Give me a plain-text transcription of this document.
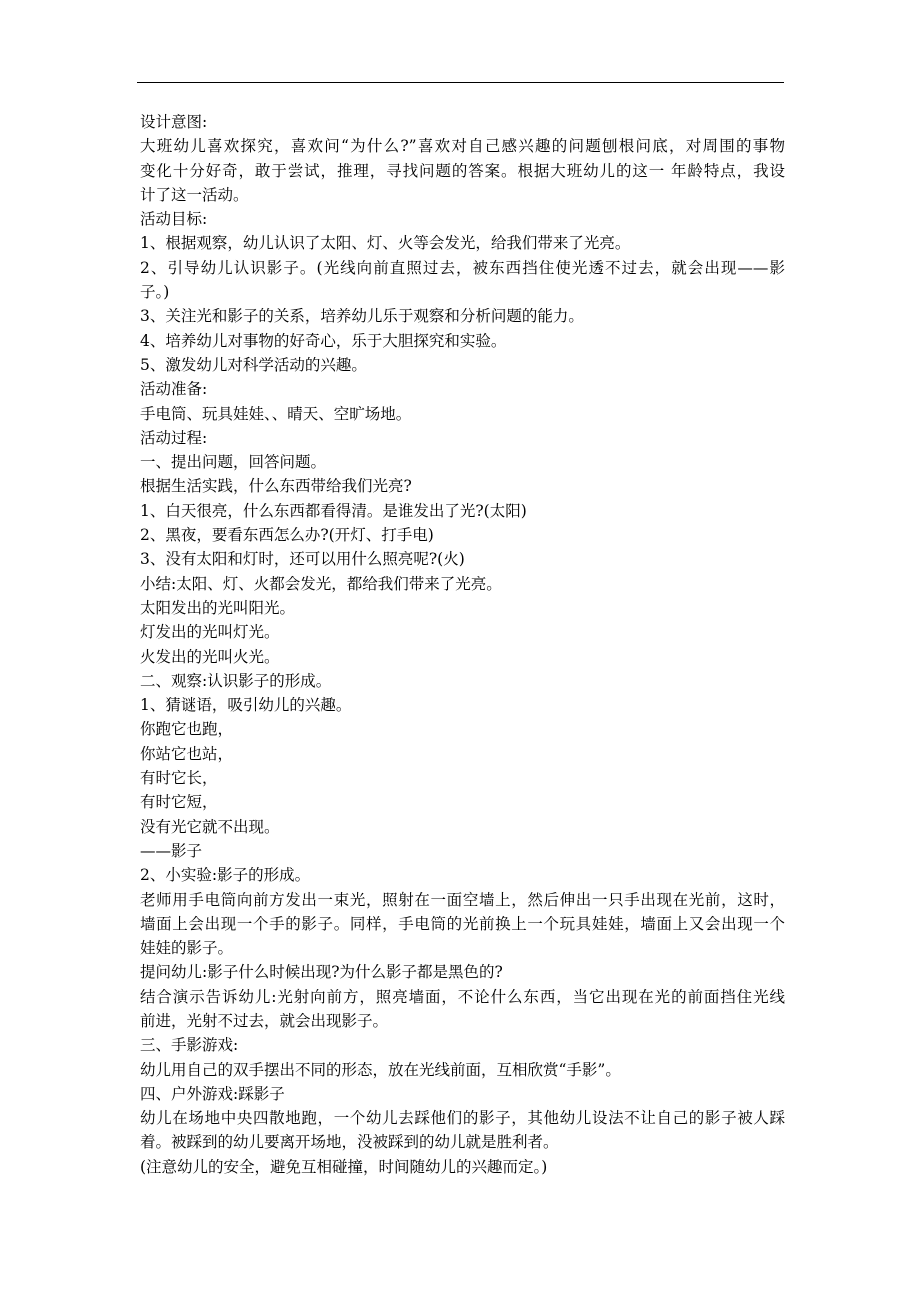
设计意图:

大班幼儿喜欢探究，喜欢问“为什么?”喜欢对自己感兴趣的问题刨根问底，对周围的事物

变化十分好奇，敢于尝试，推理，寻找问题的答案。根据大班幼儿的这一 年龄特点，我设

计了这一活动。

活动目标:

1、根据观察，幼儿认识了太阳、灯、火等会发光，给我们带来了光亮。

2、引导幼儿认识影子。(光线向前直照过去，被东西挡住使光透不过去，就会出现——影

子。)

3、关注光和影子的关系，培养幼儿乐于观察和分析问题的能力。

4、培养幼儿对事物的好奇心，乐于大胆探究和实验。

5、激发幼儿对科学活动的兴趣。

活动准备:

手电筒、玩具娃娃、、晴天、空旷场地。

活动过程:

一、提出问题，回答问题。

根据生活实践，什么东西带给我们光亮?

1、白天很亮，什么东西都看得清。是谁发出了光?(太阳)

2、黑夜，要看东西怎么办?(开灯、打手电)

3、没有太阳和灯时，还可以用什么照亮呢?(火)

小结:太阳、灯、火都会发光，都给我们带来了光亮。

太阳发出的光叫阳光。

灯发出的光叫灯光。

火发出的光叫火光。

二、观察:认识影子的形成。

1、猜谜语，吸引幼儿的兴趣。

你跑它也跑，

你站它也站，

有时它长，

有时它短，

没有光它就不出现。

——影子

2、小实验:影子的形成。

老师用手电筒向前方发出一束光，照射在一面空墙上，然后伸出一只手出现在光前，这时，

墙面上会出现一个手的影子。同样，手电筒的光前换上一个玩具娃娃，墙面上又会出现一个

娃娃的影子。

提问幼儿:影子什么时候出现?为什么影子都是黑色的?

结合演示告诉幼儿:光射向前方，照亮墙面，不论什么东西，当它出现在光的前面挡住光线

前进，光射不过去，就会出现影子。

三、手影游戏:

幼儿用自己的双手摆出不同的形态，放在光线前面，互相欣赏“手影”。

四、户外游戏:踩影子

幼儿在场地中央四散地跑，一个幼儿去踩他们的影子，其他幼儿设法不让自己的影子被人踩

着。被踩到的幼儿要离开场地，没被踩到的幼儿就是胜利者。

(注意幼儿的安全，避免互相碰撞，时间随幼儿的兴趣而定。)
